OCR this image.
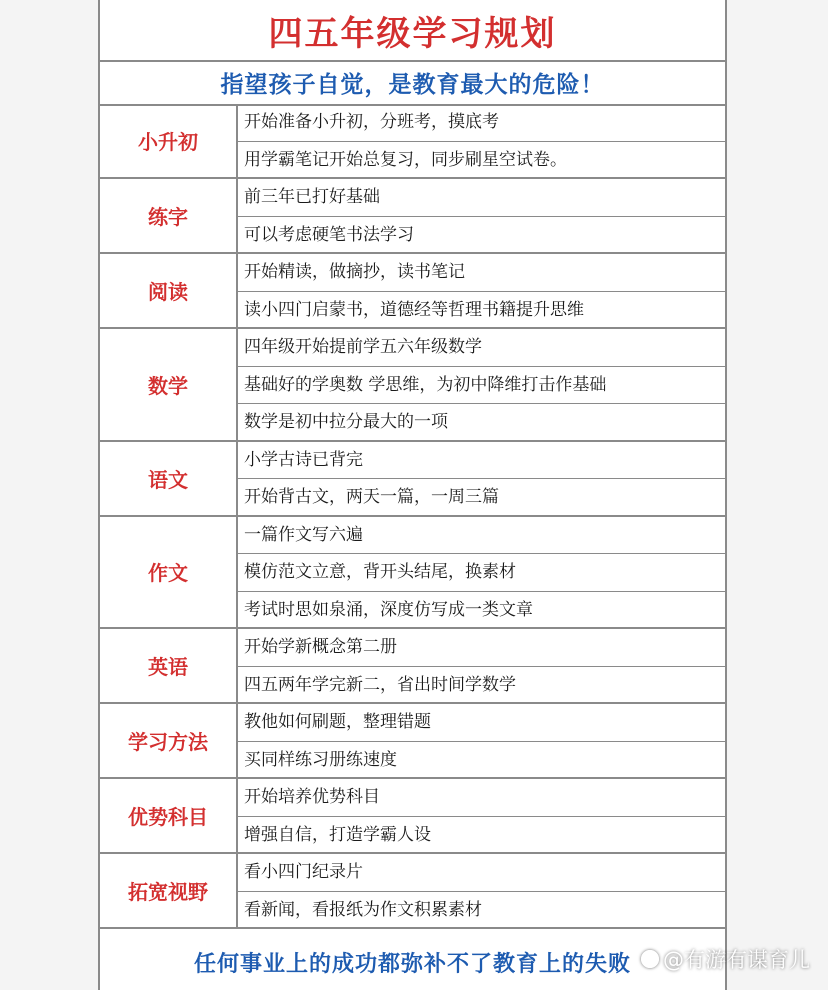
四五年级学习规划
指望孩子自觉，是教育最大的危险！
小升初
开始准备小升初，分班考，摸底考
用学霸笔记开始总复习，同步刷星空试卷。
练字
前三年已打好基础
可以考虑硬笔书法学习
阅读
开始精读，做摘抄，读书笔记
读小四门启蒙书，道德经等哲理书籍提升思维
数学
四年级开始提前学五六年级数学
基础好的学奥数 学思维，为初中降维打击作基础
数学是初中拉分最大的一项
语文
小学古诗已背完
开始背古文，两天一篇，一周三篇
作文
一篇作文写六遍
模仿范文立意，背开头结尾，换素材
考试时思如泉涌，深度仿写成一类文章
英语
开始学新概念第二册
四五两年学完新二，省出时间学数学
学习方法
教他如何刷题，整理错题
买同样练习册练速度
优势科目
开始培养优势科目
增强自信，打造学霸人设
拓宽视野
看小四门纪录片
看新闻，看报纸为作文积累素材
任何事业上的成功都弥补不了教育上的失败	@有游有谋育儿
